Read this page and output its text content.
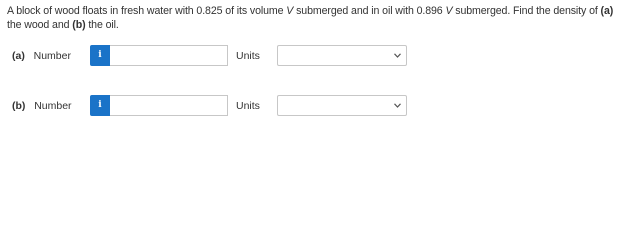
A block of wood floats in fresh water with 0.825 of its volume V submerged and in oil with 0.896 V submerged. Find the density of (a) the wood and (b) the oil.
(a) Number	i	Units
(b) Number	i	Units
